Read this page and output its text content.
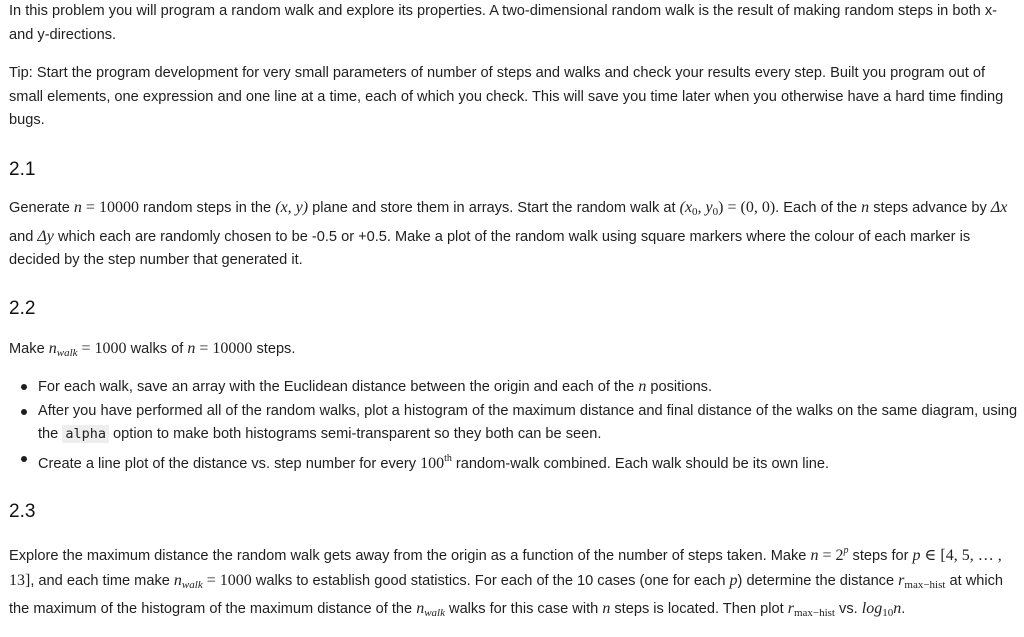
In this problem you will program a random walk and explore its properties. A two-dimensional random walk is the result of making random steps in both x- and y-directions.

Tip: Start the program development for very small parameters of number of steps and walks and check your results every step. Built you program out of small elements, one expression and one line at a time, each of which you check. This will save you time later when you otherwise have a hard time finding bugs.

2.1

Generate n = 10000 random steps in the (x, y) plane and store them in arrays. Start the random walk at ($x_0$, $y_0) = (0$, 0). Each of the n steps advance by Δx and Δy which each are randomly chosen to be -0.5 or +0.5. Make a plot of the random walk using square markers where the colour of each marker is decided by the step number that generated it.

2.2

Make $n_{walk} = 1000$ walks of n = 10000 steps.

For each walk, save an array with the Euclidean distance between the origin and each of the n positions.
After you have performed all of the random walks, plot a histogram of the maximum distance and final distance of the walks on the same diagram, using the alpha option to make both histograms semi-transparent so they both can be seen.
Create a line plot of the distance vs. step number for every 100th random-walk combined. Each walk should be its own line.
2.3

Explore the maximum distance the random walk gets away from the origin as a function of the number of steps taken. Make $n = 2^p$ steps for p ∈ [4, 5, … , 13], and each time make $n_{walk} = 1000$ walks to establish good statistics. For each of the 10 cases (one for each p) determine the distance $r_{max-hist}$ at which the maximum of the histogram of the maximum distance of the $n_{walk}$ walks for this case with n steps is located. Then plot $r_{max-hist}$ vs. $\log_{10}n$.
